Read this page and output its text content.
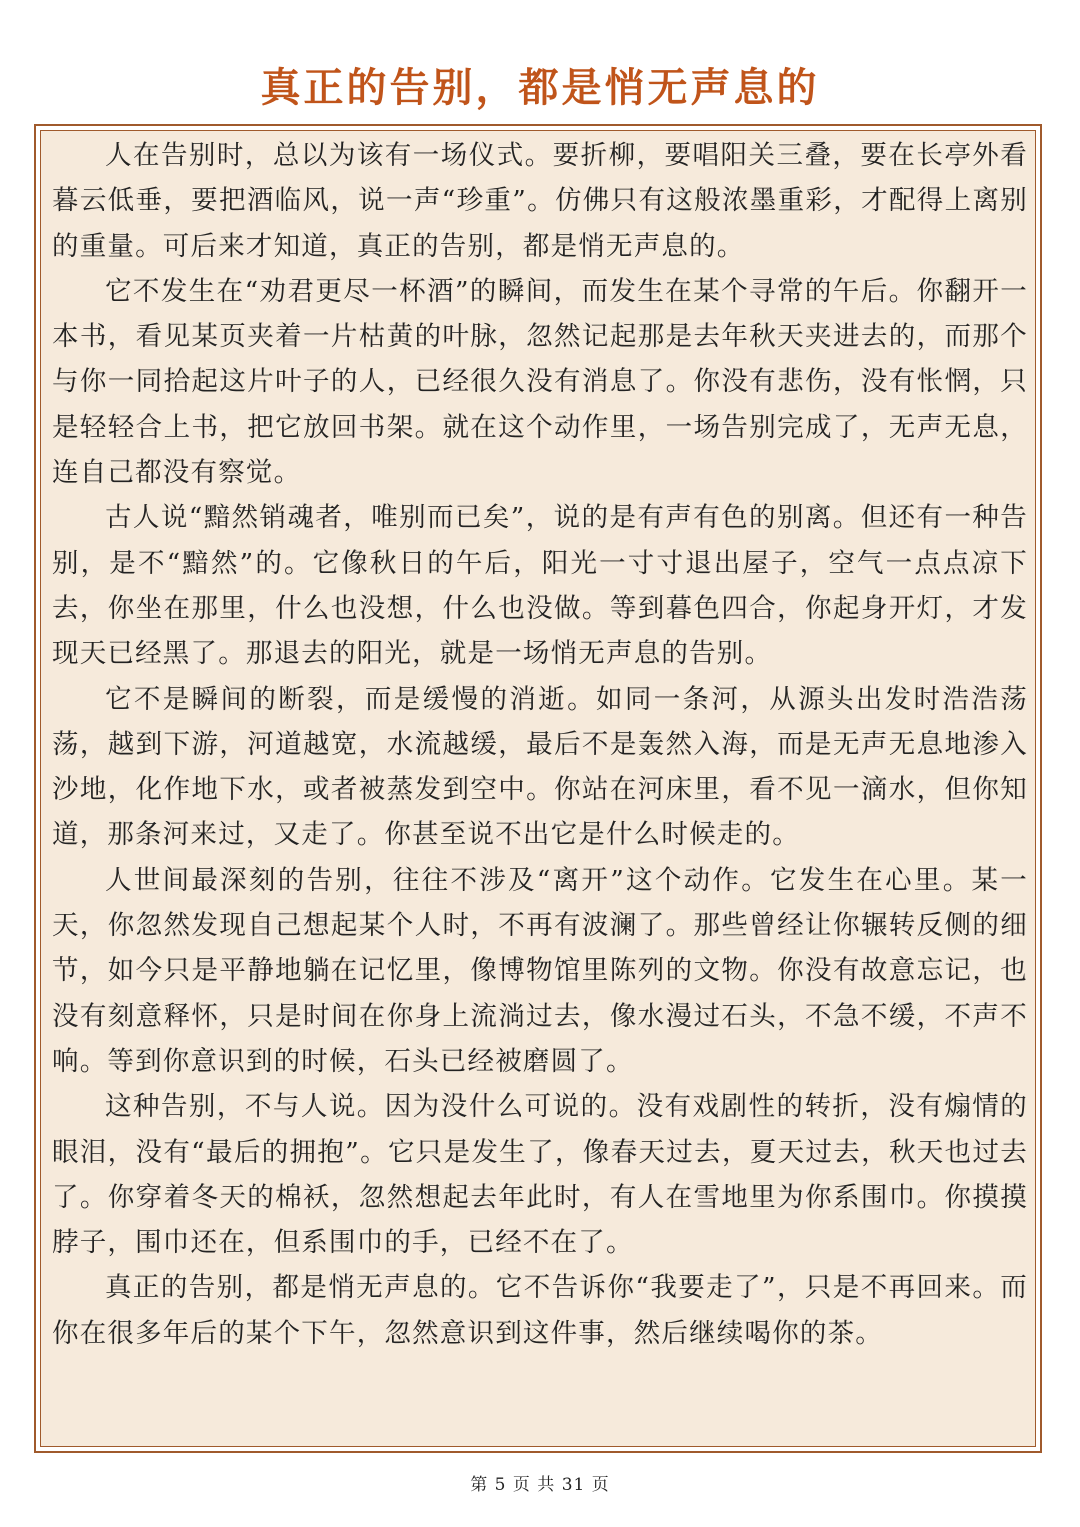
真正的告别，都是悄无声息的

人在告别时，总以为该有一场仪式。要折柳，要唱阳关三叠，要在长亭外看暮云低垂，要把酒临风，说一声“珍重”。仿佛只有这般浓墨重彩，才配得上离别的重量。可后来才知道，真正的告别，都是悄无声息的。

它不发生在“劝君更尽一杯酒”的瞬间，而发生在某个寻常的午后。你翻开一本书，看见某页夹着一片枯黄的叶脉，忽然记起那是去年秋天夹进去的，而那个与你一同拾起这片叶子的人，已经很久没有消息了。你没有悲伤，没有怅惘，只是轻轻合上书，把它放回书架。就在这个动作里，一场告别完成了，无声无息，连自己都没有察觉。

古人说“黯然销魂者，唯别而已矣”，说的是有声有色的别离。但还有一种告别，是不“黯然”的。它像秋日的午后，阳光一寸寸退出屋子，空气一点点凉下去，你坐在那里，什么也没想，什么也没做。等到暮色四合，你起身开灯，才发现天已经黑了。那退去的阳光，就是一场悄无声息的告别。

它不是瞬间的断裂，而是缓慢的消逝。如同一条河，从源头出发时浩浩荡荡，越到下游，河道越宽，水流越缓，最后不是轰然入海，而是无声无息地渗入沙地，化作地下水，或者被蒸发到空中。你站在河床里，看不见一滴水，但你知道，那条河来过，又走了。你甚至说不出它是什么时候走的。

人世间最深刻的告别，往往不涉及“离开”这个动作。它发生在心里。某一天，你忽然发现自己想起某个人时，不再有波澜了。那些曾经让你辗转反侧的细节，如今只是平静地躺在记忆里，像博物馆里陈列的文物。你没有故意忘记，也没有刻意释怀，只是时间在你身上流淌过去，像水漫过石头，不急不缓，不声不响。等到你意识到的时候，石头已经被磨圆了。

这种告别，不与人说。因为没什么可说的。没有戏剧性的转折，没有煽情的眼泪，没有“最后的拥抱”。它只是发生了，像春天过去，夏天过去，秋天也过去了。你穿着冬天的棉袄，忽然想起去年此时，有人在雪地里为你系围巾。你摸摸脖子，围巾还在，但系围巾的手，已经不在了。

真正的告别，都是悄无声息的。它不告诉你“我要走了”，只是不再回来。而你在很多年后的某个下午，忽然意识到这件事，然后继续喝你的茶。

第 5 页 共 31 页
